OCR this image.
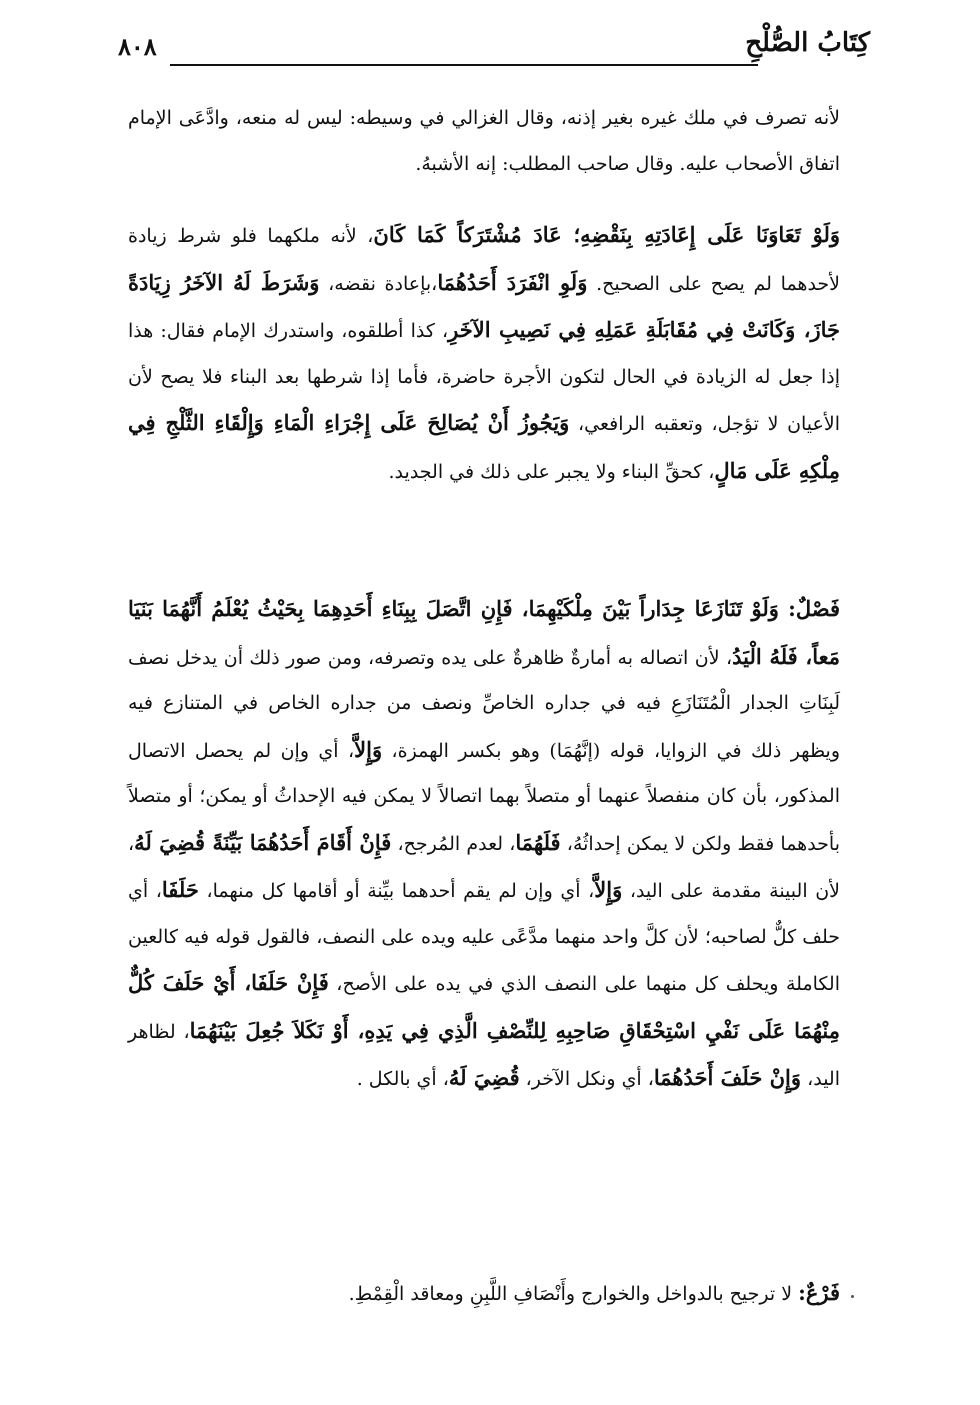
كِتَابُ الصُّلْحِ
٨٠٨

لأنه تصرف في ملك غيره بغير إذنه، وقال الغزالي في وسيطه: ليس له منعه، وادَّعَى الإمام اتفاق الأصحاب عليه. وقال صاحب المطلب: إنه الأشبهُ.

وَلَوْ تَعَاوَنَا عَلَى إِعَادَتِهِ بِنَقْضِهِ؛ عَادَ مُشْتَرَكاً كَمَا كَانَ، لأنه ملكهما فلو شرط زيادة لأحدهما لم يصح على الصحيح. وَلَوِ انْفَرَدَ أَحَدُهُمَا،بإعادة نقضه، وَشَرَطَ لَهُ الآخَرُ زِيَادَةً جَازَ، وَكَانَتْ فِي مُقَابَلَةِ عَمَلِهِ فِي نَصِيبِ الآخَرِ، كذا أطلقوه، واستدرك الإمام فقال: هذا إذا جعل له الزيادة في الحال لتكون الأجرة حاضرة، فأما إذا شرطها بعد البناء فلا يصح لأن الأعيان لا تؤجل، وتعقبه الرافعي، وَيَجُوزُ أَنْ يُصَالِحَ عَلَى إِجْرَاءِ الْمَاءِ وَإِلْقَاءِ الثَّلْجِ فِي مِلْكِهِ عَلَى مَالٍ، كحقِّ البناء ولا يجبر على ذلك في الجديد.

فَصْلٌ: وَلَوْ تَنَازَعَا جِدَاراً بَيْنَ مِلْكَيْهِمَا، فَإِنِ اتَّصَلَ بِبِنَاءِ أَحَدِهِمَا بِحَيْثُ يُعْلَمُ أَنَّهُمَا بَنَيَا مَعاً، فَلَهُ الْيَدُ، لأن اتصاله به أمارةٌ ظاهرةٌ على يده وتصرفه، ومن صور ذلك أن يدخل نصف لَبِنَاتِ الجدار الْمُتَنَازَعِ فيه في جداره الخاصِّ ونصف من جداره الخاص في المتنازع فيه ويظهر ذلك في الزوايا، قوله (إنَّهُمَا) وهو بكسر الهمزة، وَإِلاَّ، أي وإن لم يحصل الاتصال المذكور، بأن كان منفصلاً عنهما أو متصلاً بهما اتصالاً لا يمكن فيه الإحداثُ أو يمكن؛ أو متصلاً بأحدهما فقط ولكن لا يمكن إحداثُهُ، فَلَهُمَا، لعدم المُرجح، فَإِنْ أَقَامَ أَحَدُهُمَا بَيِّنَةً قُضِيَ لَهُ، لأن البينة مقدمة على اليد، وَإِلاَّ، أي وإن لم يقم أحدهما بيِّنة أو أقامها كل منهما، حَلَفَا، أي حلف كلٌّ لصاحبه؛ لأن كلَّ واحد منهما مدَّعًى عليه ويده على النصف، فالقول قوله فيه كالعين الكاملة ويحلف كل منهما على النصف الذي في يده على الأصح، فَإِنْ حَلَفَا، أَيْ حَلَفَ كُلٌّ مِنْهُمَا عَلَى نَفْيِ اسْتِحْقَاقِ صَاحِبِهِ لِلنِّصْفِ الَّذِي فِي يَدِهِ، أَوْ نَكَلاَ جُعِلَ بَيْنَهُمَا، لظاهر اليد، وَإِنْ حَلَفَ أَحَدُهُمَا، أي ونكل الآخر، قُضِيَ لَهُ، أي بالكل .

فَرْعٌ: لا ترجيح بالدواخل والخوارج وأَنْصَافِ اللَّبِنِ ومعاقد الْقِمْطِ.
